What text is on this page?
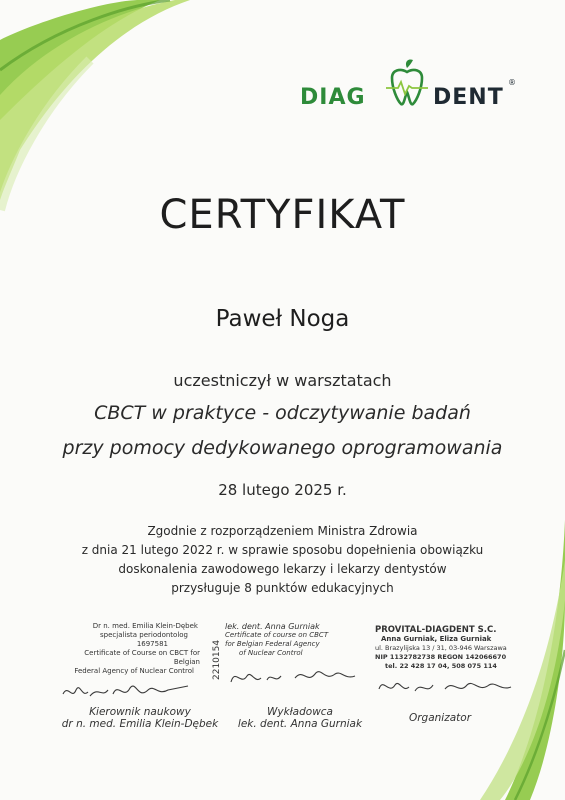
DIAG	DENT
®
CERTYFIKAT
Paweł Noga
uczestniczył w warsztatach
CBCT w praktyce - odczytywanie badań
przy pomocy dedykowanego oprogramowania
28 lutego 2025 r.
Zgodnie z rozporządzeniem Ministra Zdrowia
z dnia 21 lutego 2022 r. w sprawie sposobu dopełnienia obowiązku
doskonalenia zawodowego lekarzy i lekarzy dentystów
przysługuje 8 punktów edukacyjnych
Dr n. med. Emilia Klein-Dębek
specjalista periodontolog
1697581
Certificate of Course on CBCT for Belgian
Federal Agency of Nuclear Control	2210154
lek. dent. Anna Gurniak
Certificate of course on CBCT
for Belgian Federal Agency
of Nuclear Control
PROVITAL-DIAGDENT S.C.
Anna Gurniak, Eliza Gurniak
ul. Brazylijska 13 / 31, 03-946 Warszawa
NIP 1132782738 REGON 142066670
tel. 22 428 17 04, 508 075 114
Kierownik naukowy
dr n. med. Emilia Klein-Dębek
Wykładowca
lek. dent. Anna Gurniak	Organizator
